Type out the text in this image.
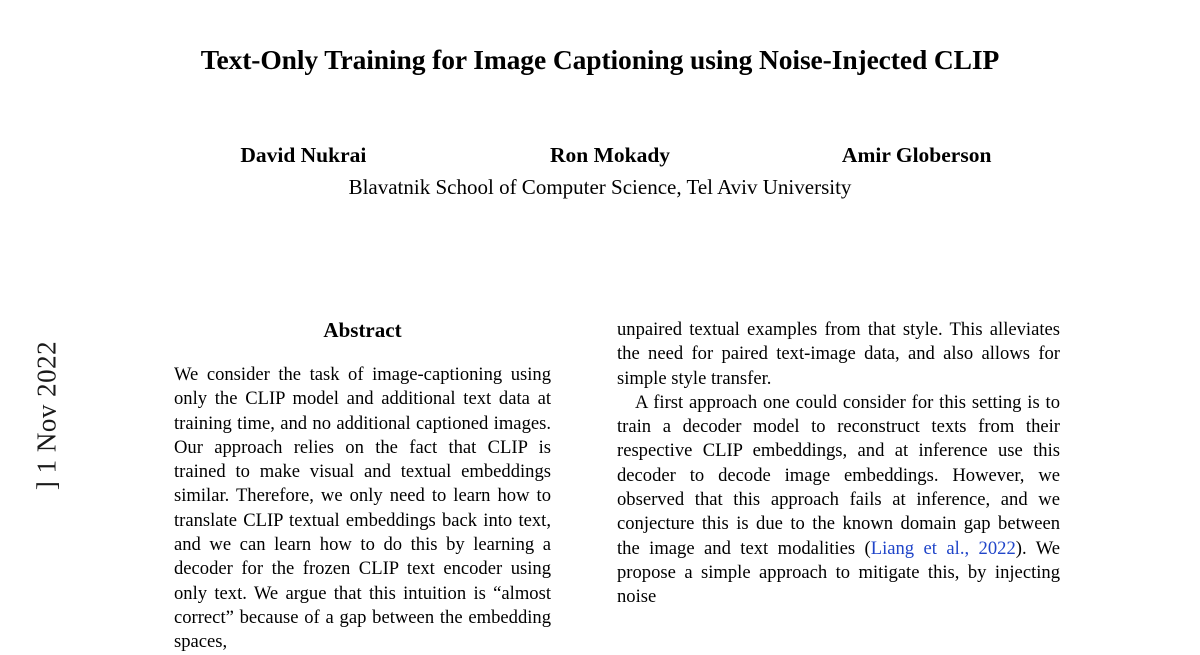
] 1 Nov 2022
Text-Only Training for Image Captioning using Noise-Injected CLIP
David Nukrai	Ron Mokady	Amir Globerson
Blavatnik School of Computer Science, Tel Aviv University
Abstract

We consider the task of image-captioning using only the CLIP model and additional text data at training time, and no additional captioned images. Our approach relies on the fact that CLIP is trained to make visual and textual embeddings similar. Therefore, we only need to learn how to translate CLIP textual embeddings back into text, and we can learn how to do this by learning a decoder for the frozen CLIP text encoder using only text. We argue that this intuition is “almost correct” because of a gap between the embedding spaces,

unpaired textual examples from that style. This alleviates the need for paired text-image data, and also allows for simple style transfer.

A first approach one could consider for this setting is to train a decoder model to reconstruct texts from their respective CLIP embeddings, and at inference use this decoder to decode image embeddings. However, we observed that this approach fails at inference, and we conjecture this is due to the known domain gap between the image and text modalities (Liang et al., 2022). We propose a simple approach to mitigate this, by injecting noise
